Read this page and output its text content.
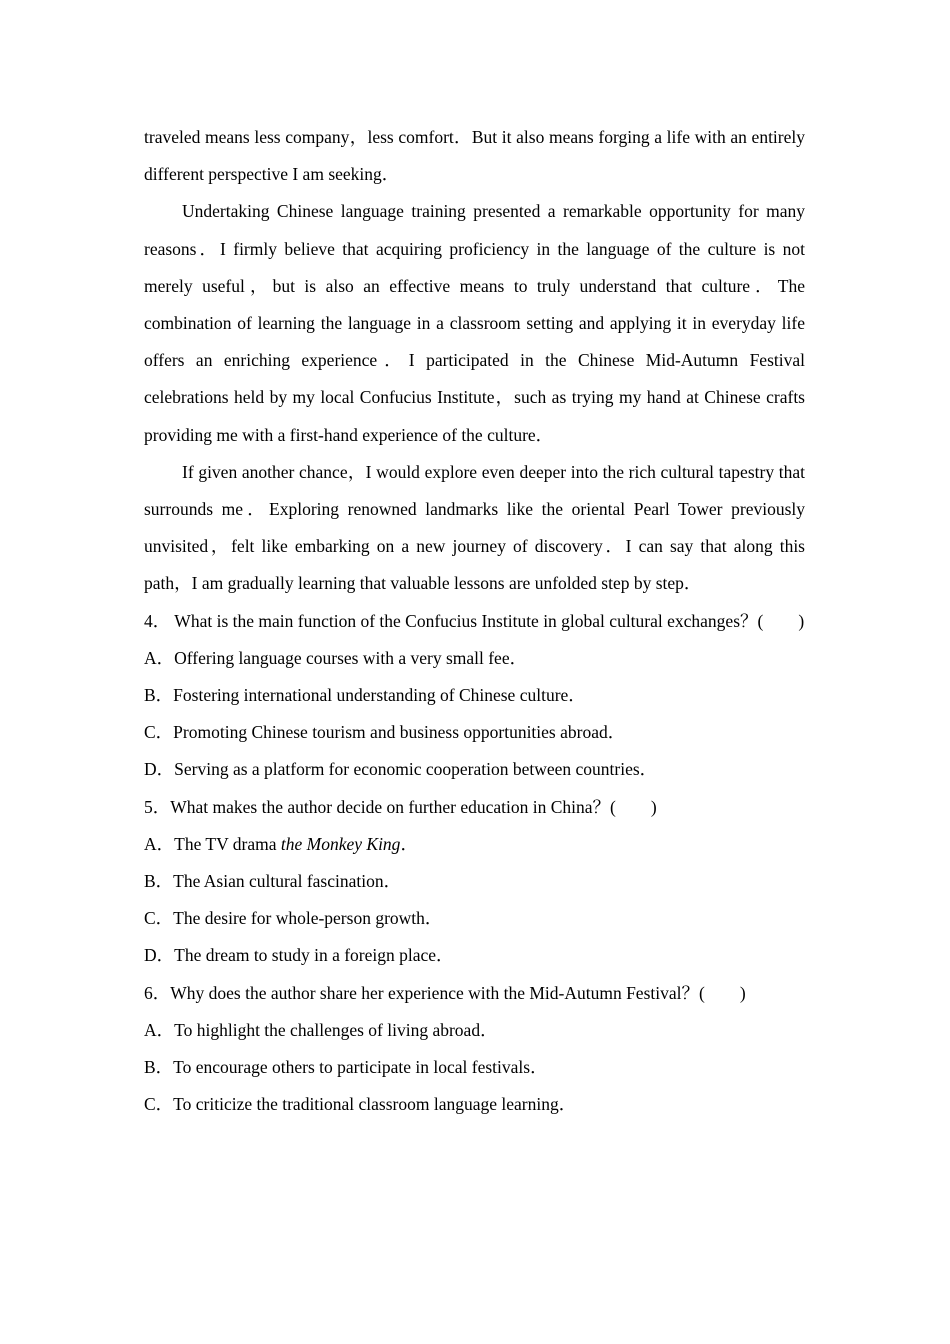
traveled means less company，less comfort．But it also means forging a life with an entirely different perspective I am seeking．

Undertaking Chinese language training presented a remarkable opportunity for many reasons．I firmly believe that acquiring proficiency in the language of the culture is not merely useful，but is also an effective means to truly understand that culture．The combination of learning the language in a classroom setting and applying it in everyday life offers an enriching experience．I participated in the Chinese Mid-Autumn Festival celebrations held by my local Confucius Institute，such as trying my hand at Chinese crafts providing me with a first-hand experience of the culture．

If given another chance，I would explore even deeper into the rich cultural tapestry that surrounds me．Exploring renowned landmarks like the oriental Pearl Tower previously unvisited，felt like embarking on a new journey of discovery．I can say that along this path，I am gradually learning that valuable lessons are unfolded step by step．

4． What is the main function of the Confucius Institute in global cultural exchanges？(　　)

A．Offering language courses with a very small fee．

B．Fostering international understanding of Chinese culture．

C．Promoting Chinese tourism and business opportunities abroad．

D．Serving as a platform for economic cooperation between countries．

5．What makes the author decide on further education in China？(　　)

A．The TV drama the Monkey King．

B．The Asian cultural fascination．

C．The desire for whole-person growth．

D．The dream to study in a foreign place．

6．Why does the author share her experience with the Mid-Autumn Festival？(　　)

A．To highlight the challenges of living abroad．

B．To encourage others to participate in local festivals．

C．To criticize the traditional classroom language learning．
